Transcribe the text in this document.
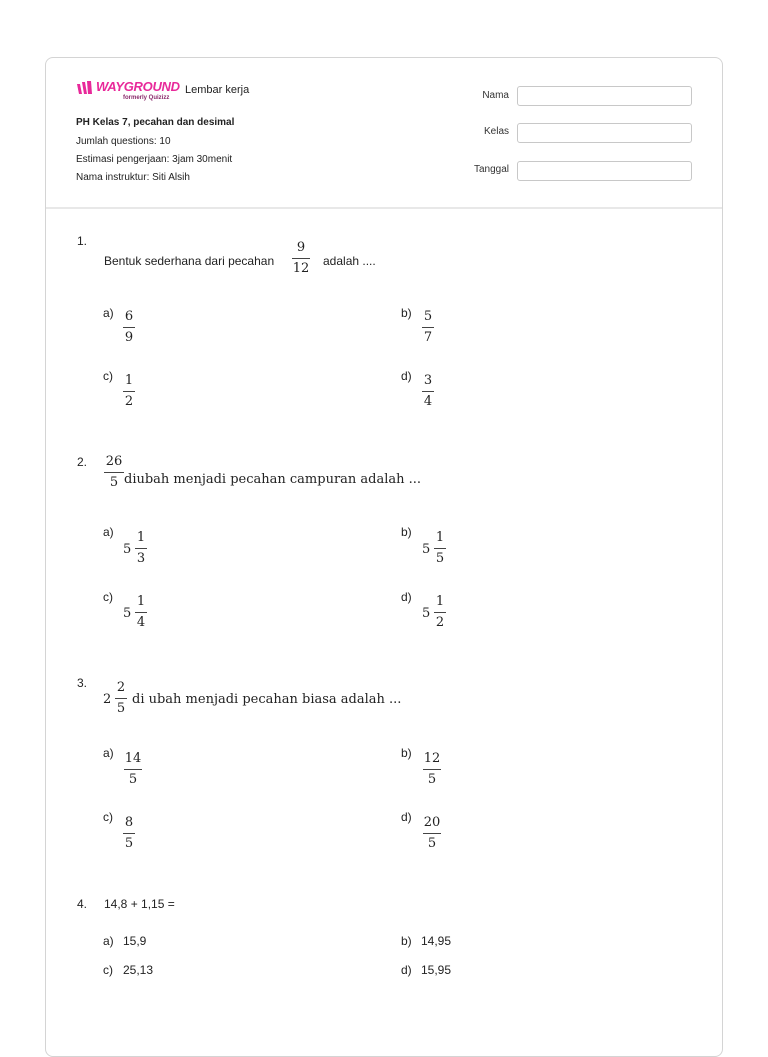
WAYGROUND
formerly Quizizz
Lembar kerja
PH Kelas 7, pecahan dan desimal
Jumlah questions: 10
Estimasi pengerjaan: 3jam 30menit
Nama instruktur: Siti Alsih
Nama
Kelas
Tanggal
1.
Bentuk sederhana dari pecahan
9
12 adalah ....
a) 6
9
b) 5
7
c) 1
2
d) 3
4
2. 26
5 diubah menjadi pecahan campuran adalah ...
a)
5
1
3
b)
5
1
5
c)
5
1
4
d)
5
1
2
3.
2
2
5
di ubah menjadi pecahan biasa adalah ...
a) 14
5
b) 12
5
c) 8
5
d) 20
5
4. 14,8 + 1,15 =
a) 15,9	b) 14,95
c) 25,13	d) 15,95
